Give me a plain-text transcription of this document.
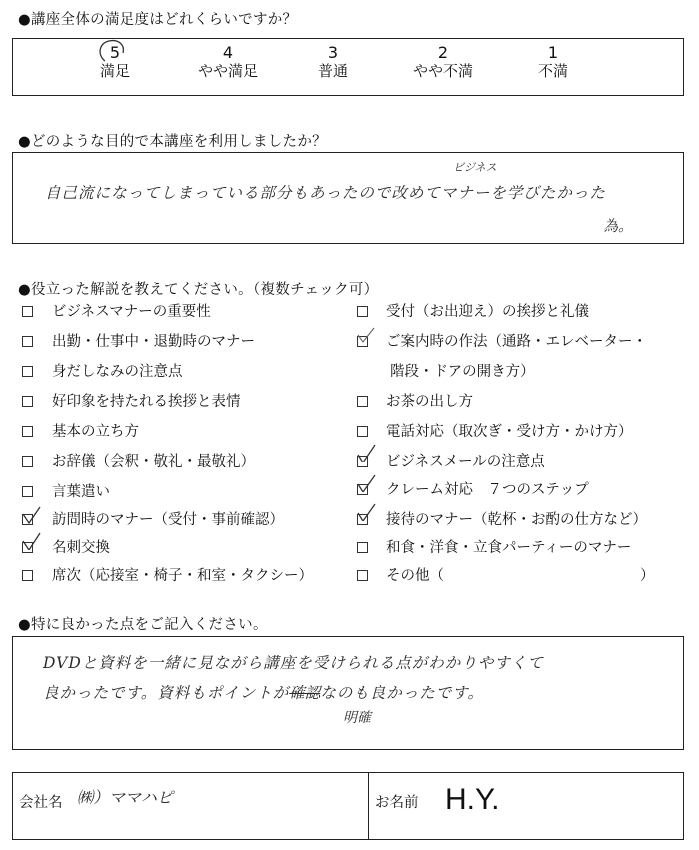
●講座全体の満足度はどれくらいですか？
5
満足
4
やや満足
3
普通
2
やや不満
1
不満
●どのような目的で本講座を利用しましたか？
ビジネス
自己流になってしまっている部分もあったので改めてマナーを学びたかった
為。
●役立った解説を教えてください。（複数チェック可）
ビジネスマナーの重要性
出勤・仕事中・退勤時のマナー
身だしなみの注意点
好印象を持たれる挨拶と表情
基本の立ち方
お辞儀（会釈・敬礼・最敬礼）
言葉遣い
訪問時のマナー（受付・事前確認）
名刺交換
席次（応接室・椅子・和室・タクシー）
受付（お出迎え）の挨拶と礼儀
ご案内時の作法（通路・エレベーター・
階段・ドアの開き方）
お茶の出し方
電話対応（取次ぎ・受け方・かけ方）
ビジネスメールの注意点
クレーム対応　７つのステップ
接待のマナー（乾杯・お酌の仕方など）
和食・洋食・立食パーティーのマナー
その他（	）
●特に良かった点をご記入ください。
DVDと資料を一緒に見ながら講座を受けられる点がわかりやすくて
良かったです。資料もポイントが確認なのも良かったです。
明確
会社名 ㈱）ママハピ	お名前 H.Y.
